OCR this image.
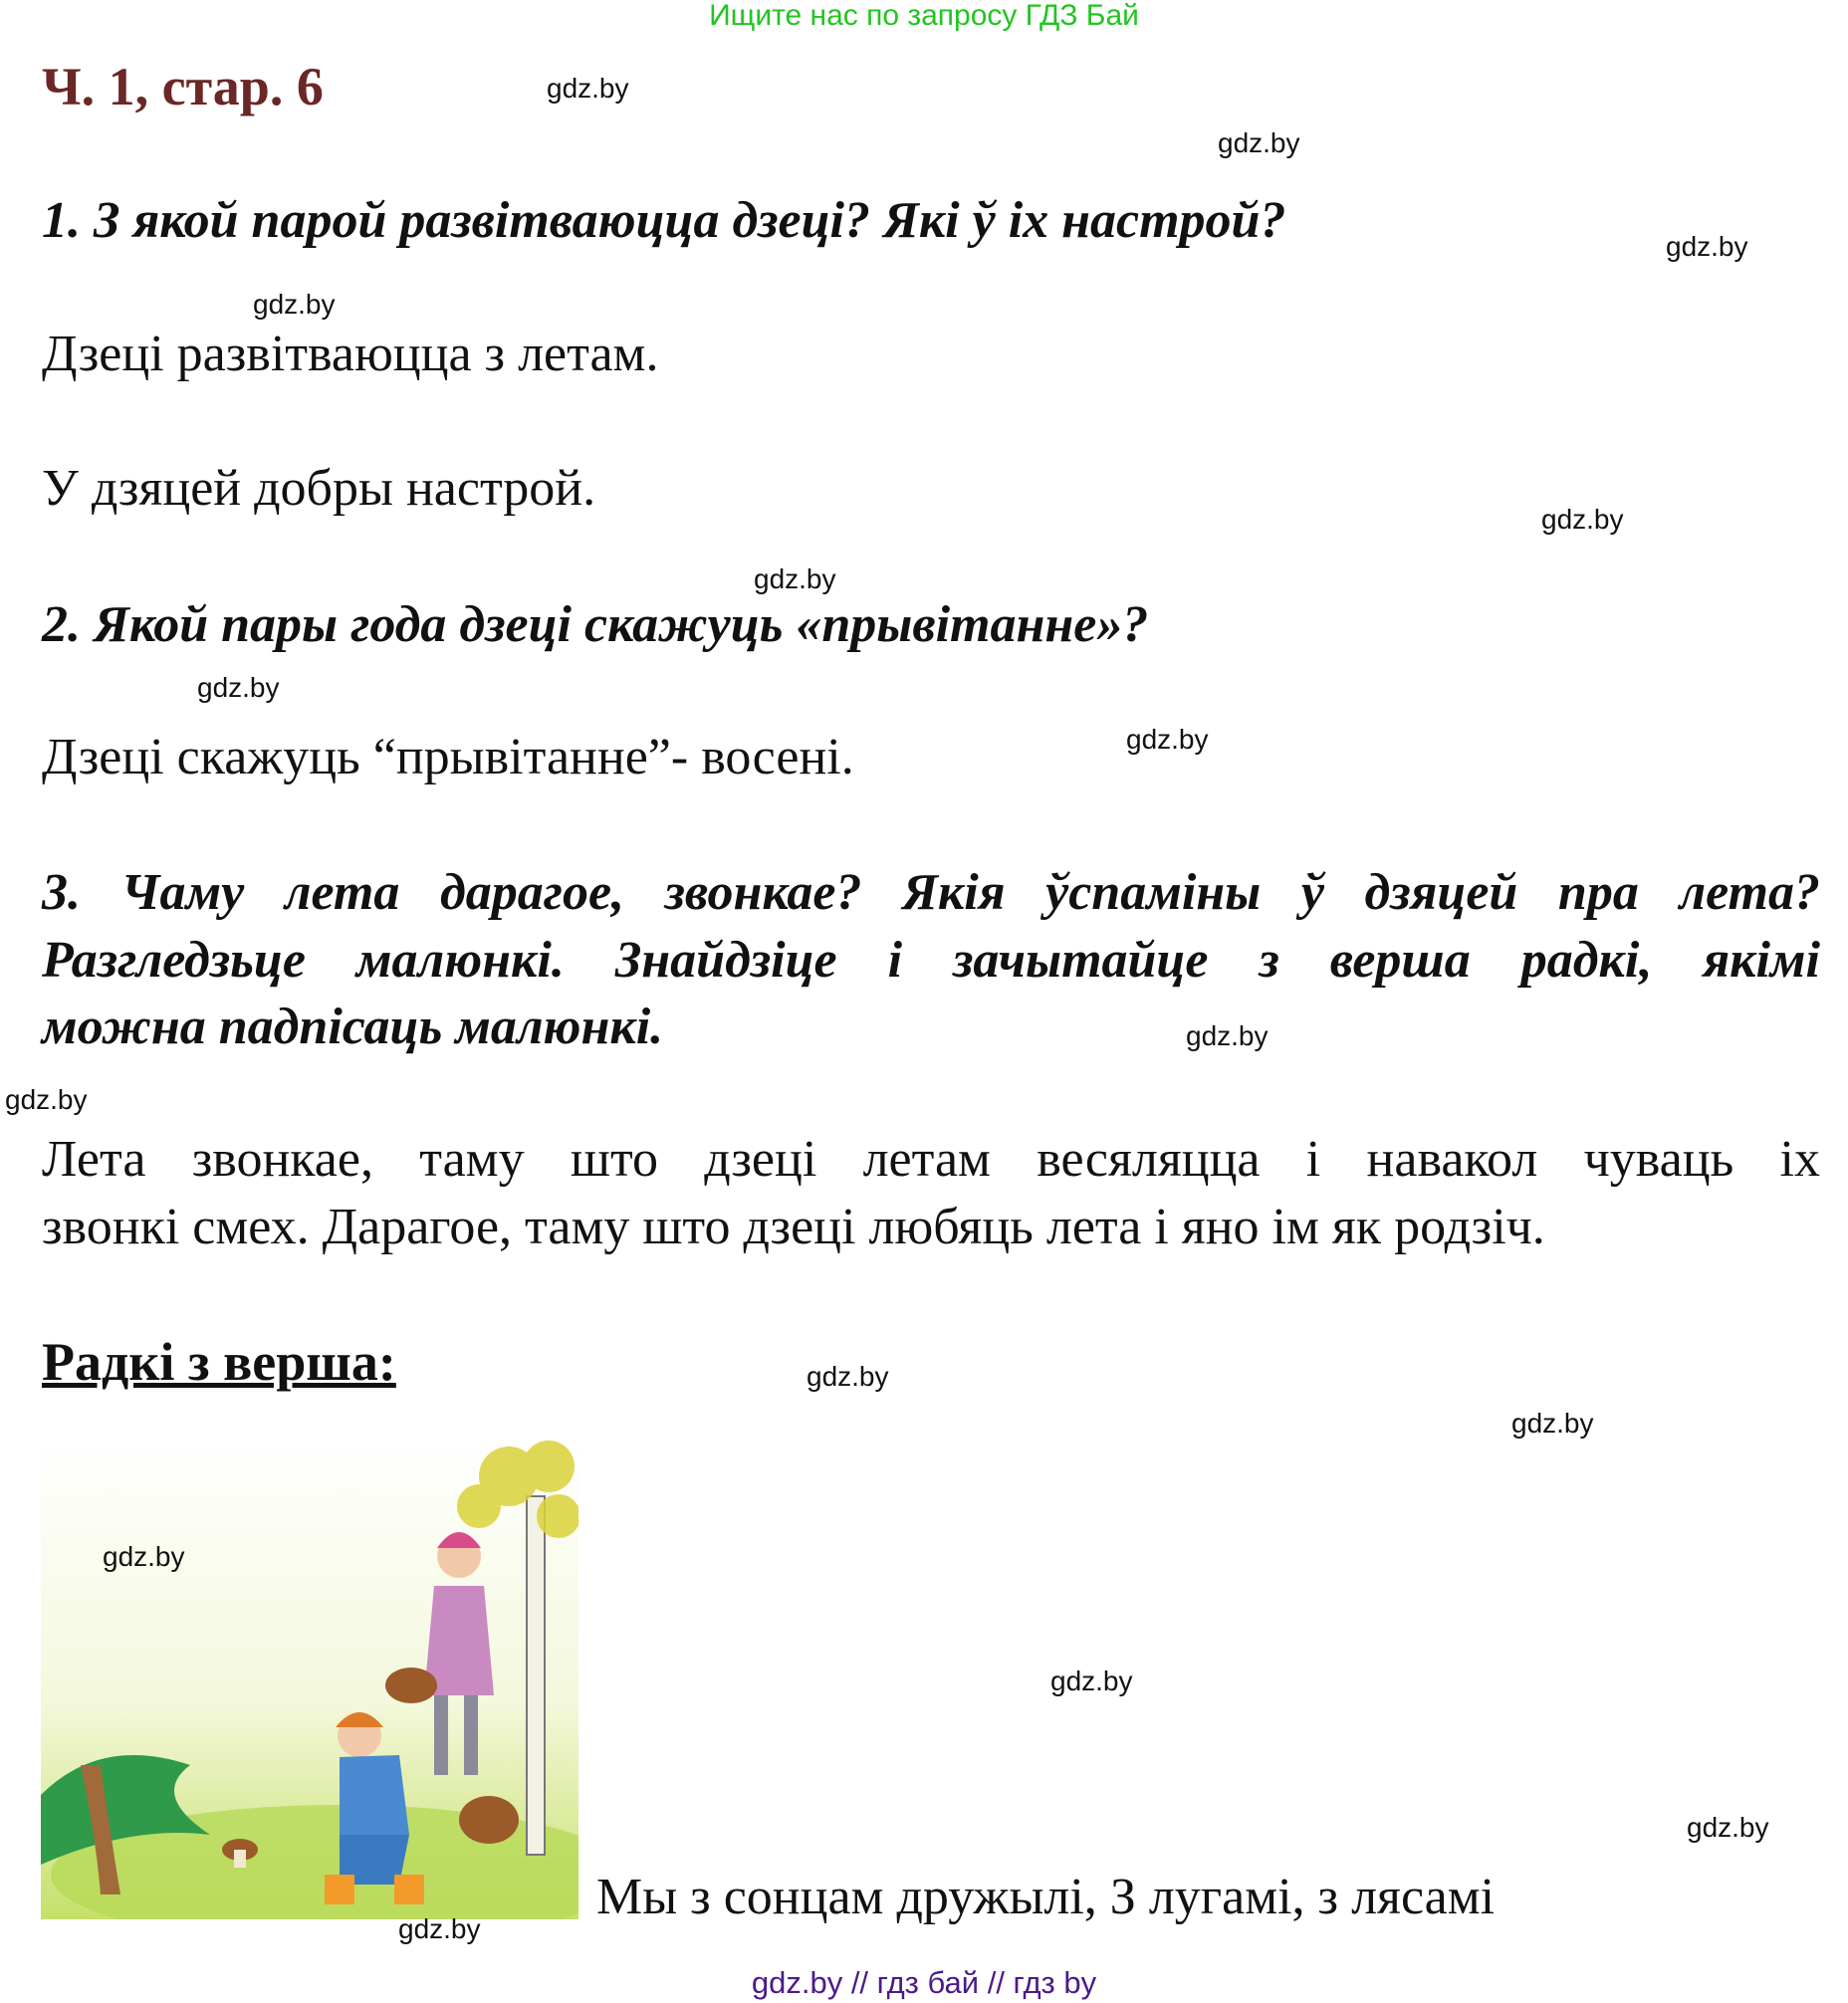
Ищите нас по запросу ГДЗ Бай
Ч. 1, стар. 6
1. З якой парой развітваюцца дзеці? Які ў іх настрой?
Дзеці развітваюцца з летам.
У дзяцей добры настрой.
2. Якой пары года дзеці скажуць «прывітанне»?
Дзеці скажуць “прывітанне”- восені.
3. Чаму лета дарагое, звонкае? Якія ўспаміны ў дзяцей пра лета?
Разгледзьце малюнкі. Знайдзіце і зачытайце з верша радкі, якімі
можна падпісаць малюнкі.
Лета звонкае, таму што дзеці летам весяляцца і навакол чуваць іх
звонкі смех. Дарагое, таму што дзеці любяць лета і яно ім як родзіч.
Радкі з верша:
Мы з сонцам дружылі, З лугамі, з лясамі
gdz.by
gdz.by
gdz.by
gdz.by
gdz.by
gdz.by
gdz.by
gdz.by
gdz.by
gdz.by
gdz.by
gdz.by
gdz.by
gdz.by
gdz.by
gdz.by
gdz.by // гдз бай // гдз by
